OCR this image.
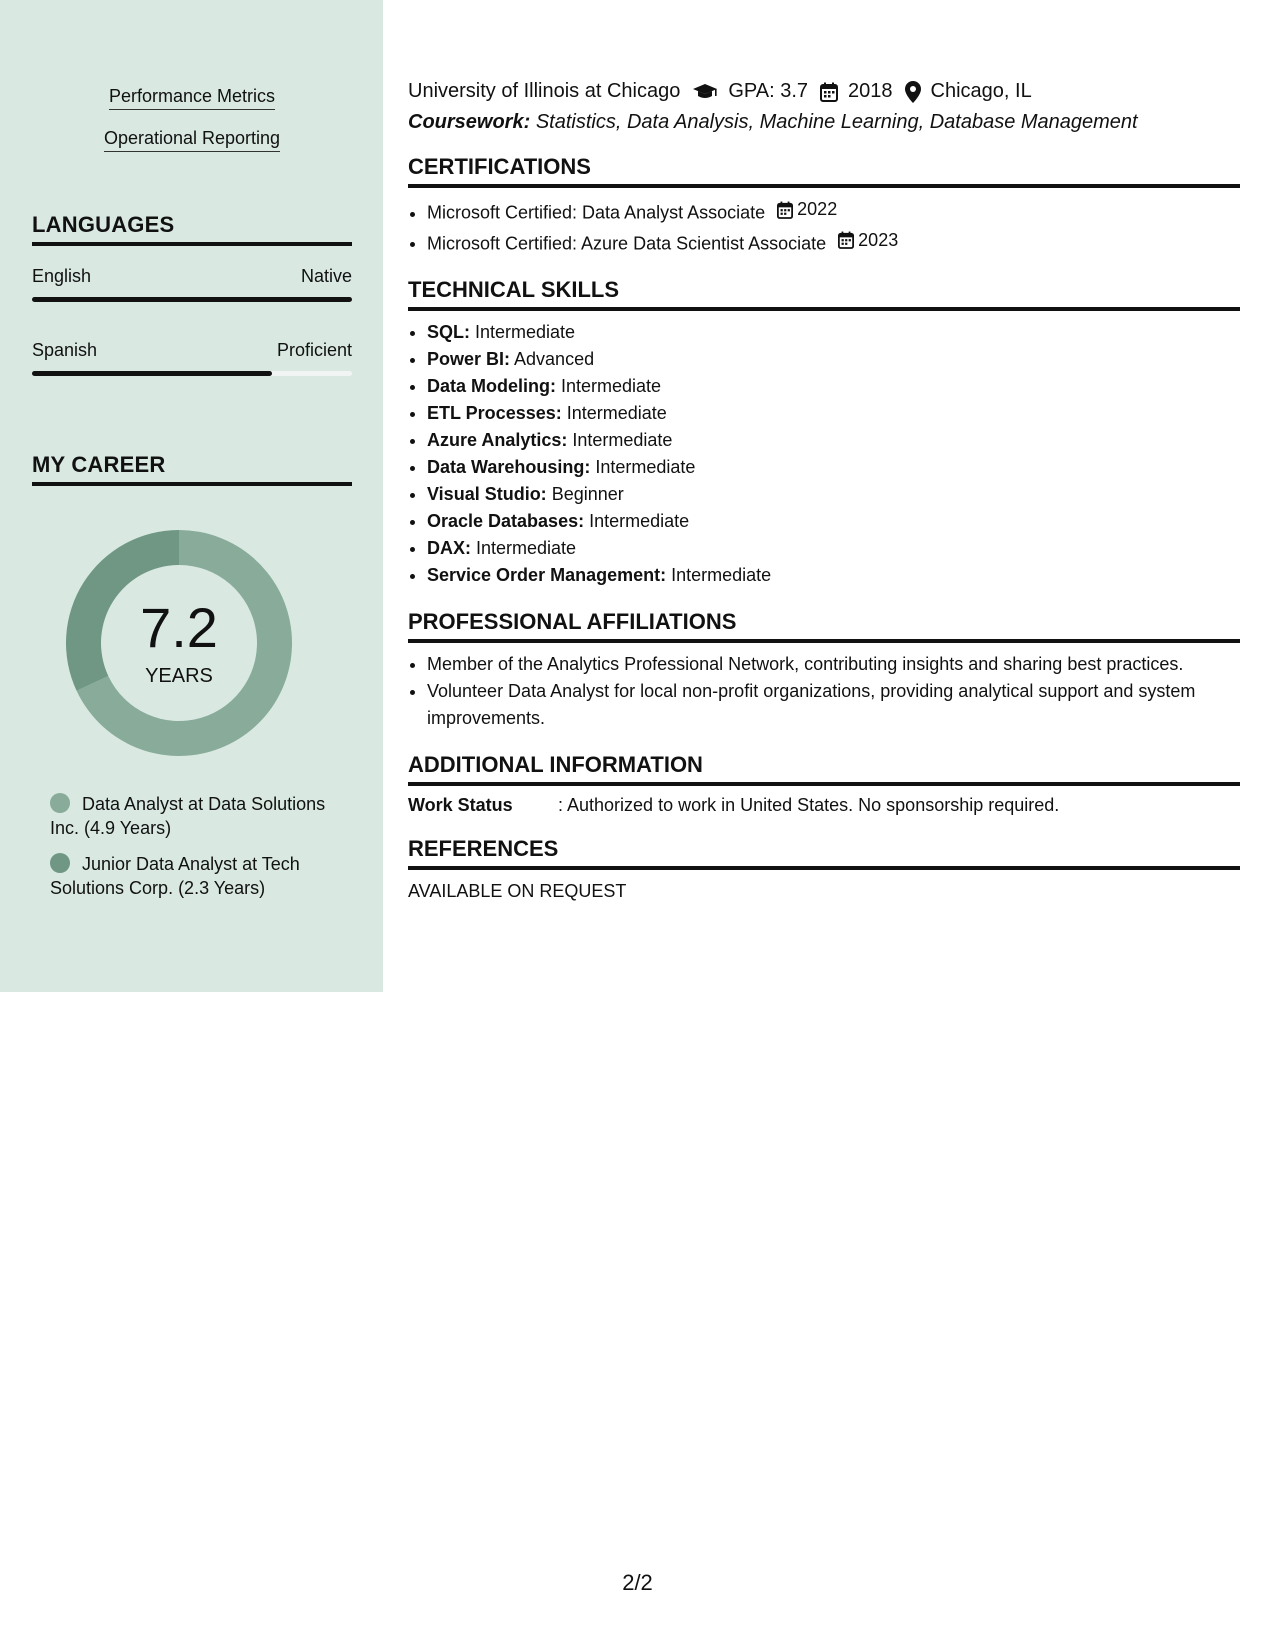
Performance Metrics
Operational Reporting
LANGUAGES
English	Native
Spanish	Proficient
MY CAREER
7.2
YEARS
Data Analyst at Data Solutions Inc. (4.9 Years)
Junior Data Analyst at Tech Solutions Corp. (2.3 Years)
University of Illinois at Chicago GPA: 3.7 2018 Chicago, IL
Coursework: Statistics, Data Analysis, Machine Learning, Database Management
CERTIFICATIONS
• Microsoft Certified: Data Analyst Associate 2022
• Microsoft Certified: Azure Data Scientist Associate 2023
TECHNICAL SKILLS
• SQL: Intermediate
• Power BI: Advanced
• Data Modeling: Intermediate
• ETL Processes: Intermediate
• Azure Analytics: Intermediate
• Data Warehousing: Intermediate
• Visual Studio: Beginner
• Oracle Databases: Intermediate
• DAX: Intermediate
• Service Order Management: Intermediate
PROFESSIONAL AFFILIATIONS
• Member of the Analytics Professional Network, contributing insights and sharing best practices.
• Volunteer Data Analyst for local non-profit organizations, providing analytical support and system improvements.
ADDITIONAL INFORMATION
Work Status	: Authorized to work in United States. No sponsorship required.
REFERENCES
AVAILABLE ON REQUEST
2/2
